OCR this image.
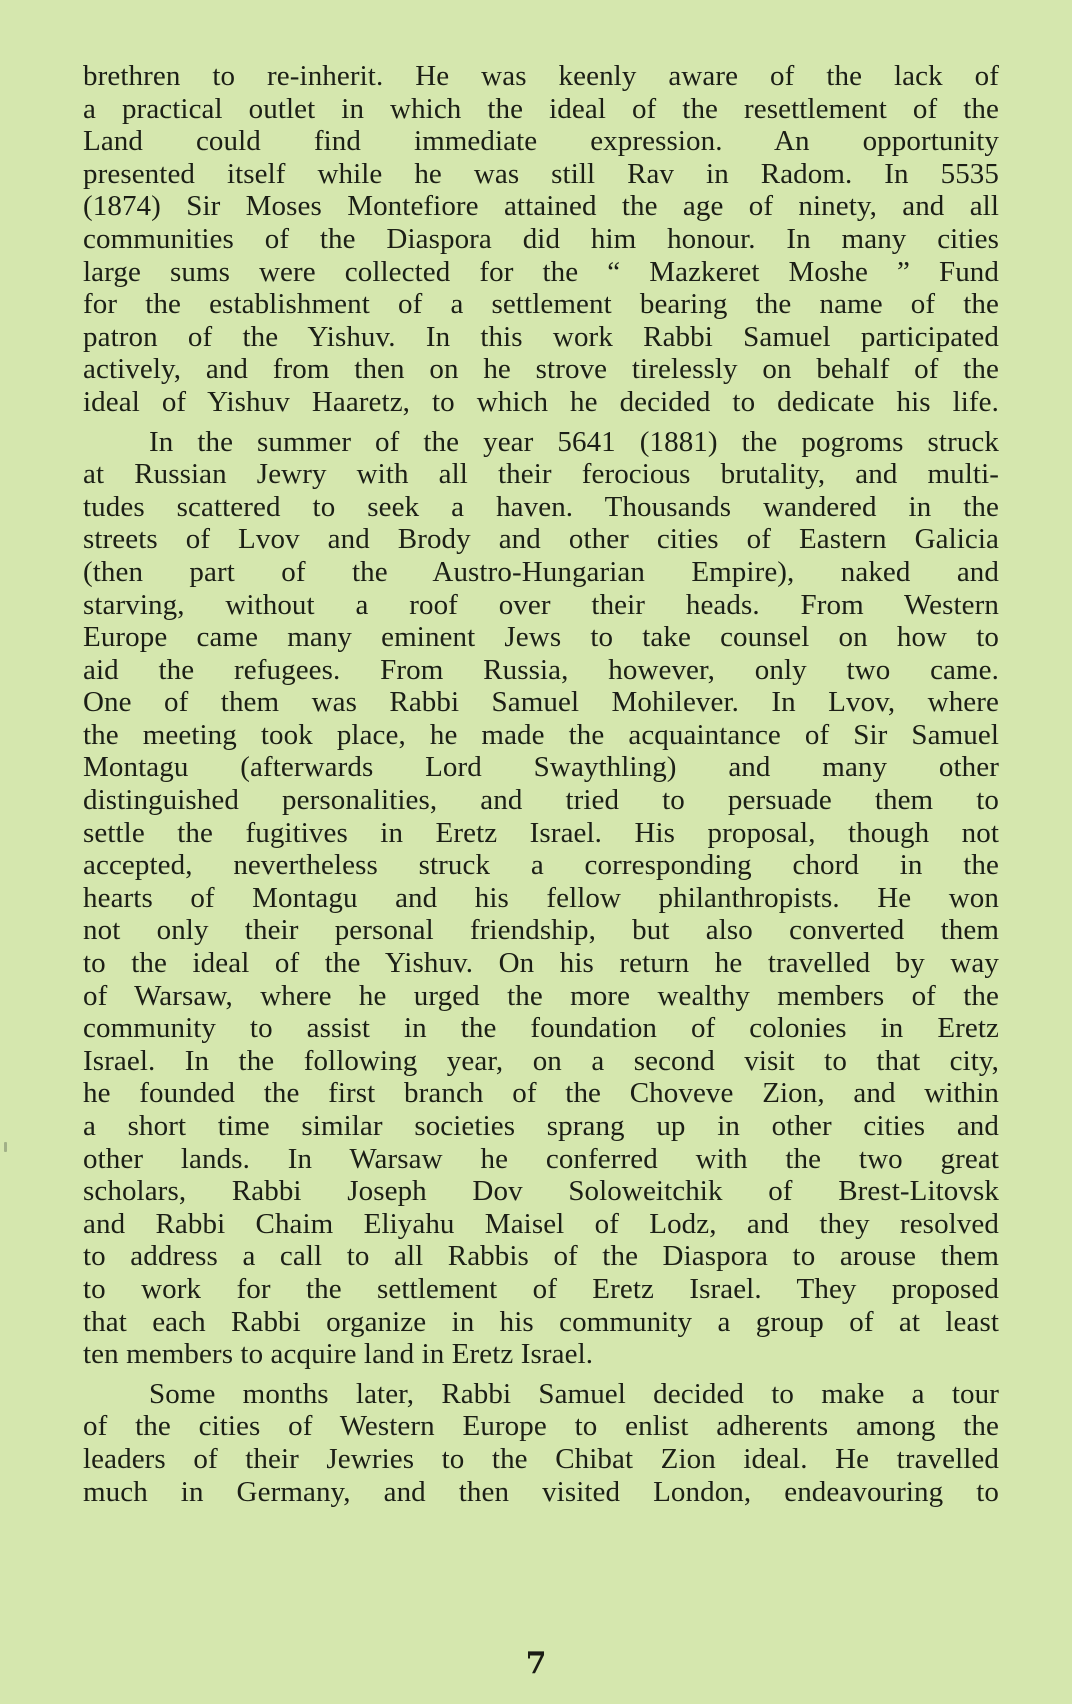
brethren to re-inherit. He was keenly aware of the lack of
a practical outlet in which the ideal of the resettlement of the
Land could find immediate expression. An opportunity
presented itself while he was still Rav in Radom. In 5535
(1874) Sir Moses Montefiore attained the age of ninety, and all
communities of the Diaspora did him honour. In many cities
large sums were collected for the “ Mazkeret Moshe ” Fund
for the establishment of a settlement bearing the name of the
patron of the Yishuv. In this work Rabbi Samuel participated
actively, and from then on he strove tirelessly on behalf of the
ideal of Yishuv Haaretz, to which he decided to dedicate his life.

In the summer of the year 5641 (1881) the pogroms struck
at Russian Jewry with all their ferocious brutality, and multi-
tudes scattered to seek a haven. Thousands wandered in the
streets of Lvov and Brody and other cities of Eastern Galicia
(then part of the Austro-Hungarian Empire), naked and
starving, without a roof over their heads. From Western
Europe came many eminent Jews to take counsel on how to
aid the refugees. From Russia, however, only two came.
One of them was Rabbi Samuel Mohilever. In Lvov, where
the meeting took place, he made the acquaintance of Sir Samuel
Montagu (afterwards Lord Swaythling) and many other
distinguished personalities, and tried to persuade them to
settle the fugitives in Eretz Israel. His proposal, though not
accepted, nevertheless struck a corresponding chord in the
hearts of Montagu and his fellow philanthropists. He won
not only their personal friendship, but also converted them
to the ideal of the Yishuv. On his return he travelled by way
of Warsaw, where he urged the more wealthy members of the
community to assist in the foundation of colonies in Eretz
Israel. In the following year, on a second visit to that city,
he founded the first branch of the Choveve Zion, and within
a short time similar societies sprang up in other cities and
other lands. In Warsaw he conferred with the two great
scholars, Rabbi Joseph Dov Soloweitchik of Brest-Litovsk
and Rabbi Chaim Eliyahu Maisel of Lodz, and they resolved
to address a call to all Rabbis of the Diaspora to arouse them
to work for the settlement of Eretz Israel. They proposed
that each Rabbi organize in his community a group of at least
ten members to acquire land in Eretz Israel.

Some months later, Rabbi Samuel decided to make a tour
of the cities of Western Europe to enlist adherents among the
leaders of their Jewries to the Chibat Zion ideal. He travelled
much in Germany, and then visited London, endeavouring to

7
